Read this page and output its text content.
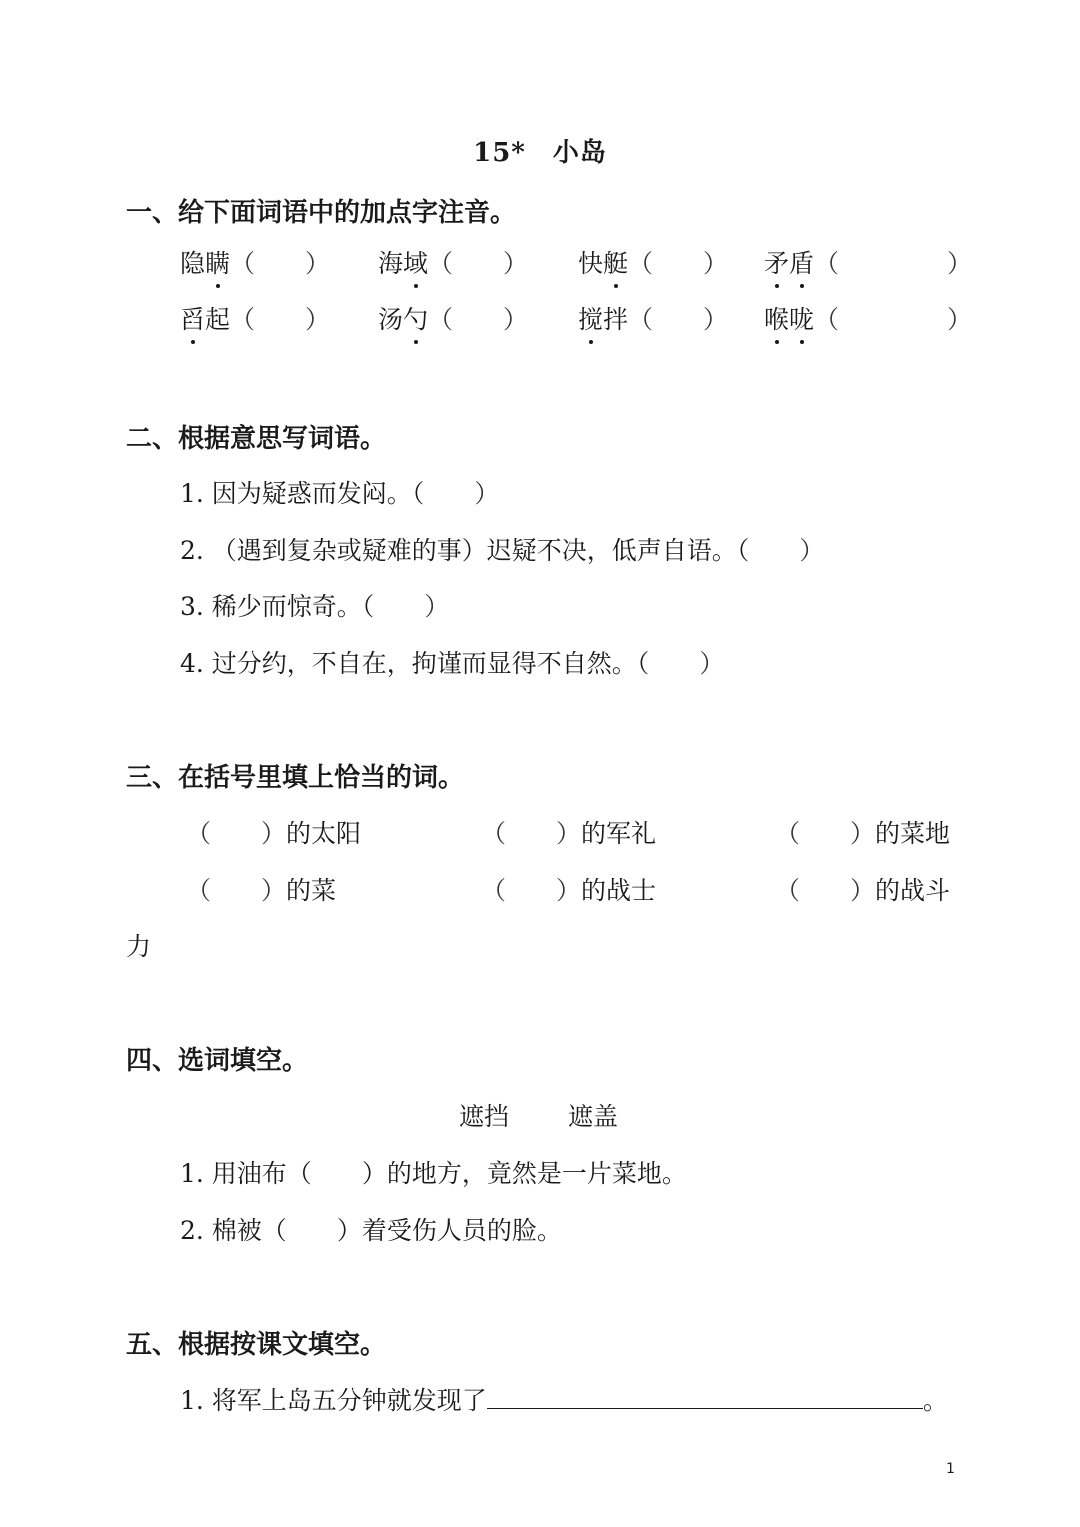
15*　小岛
一、给下面词语中的加点字注音。
隐瞒（ ） 海域（ ） 快艇（ ） 矛盾（	）
舀起（ ） 汤勺（ ） 搅拌（ ） 喉咙（	）
二、根据意思写词语。
1. 因为疑惑而发闷。（ ）
2. （遇到复杂或疑难的事）迟疑不决，低声自语。（ ）
3. 稀少而惊奇。（ ）
4. 过分约，不自在，拘谨而显得不自然。（ ）
三、在括号里填上恰当的词。
（ ）的太阳	（ ）的军礼	（ ）的菜地
（ ）的菜	（ ）的战士	（ ）的战斗
力
四、选词填空。
遮挡 遮盖
1. 用油布（ ）的地方，竟然是一片菜地。
2. 棉被（ ）着受伤人员的脸。
五、根据按课文填空。
1. 将军上岛五分钟就发现了	。
1
